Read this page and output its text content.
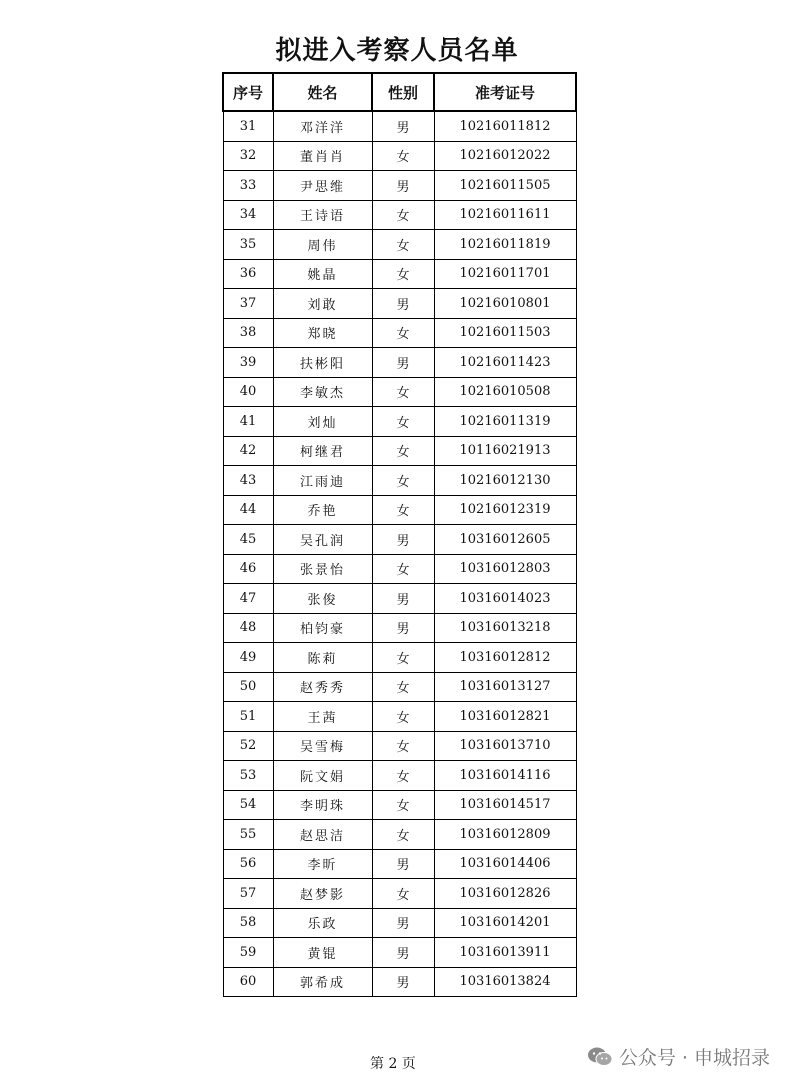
拟进入考察人员名单
序号	姓名	性别	准考证号
31	邓洋洋	男	10216011812
32	董肖肖	女	10216012022
33	尹思维	男	10216011505
34	王诗语	女	10216011611
35	周伟	女	10216011819
36	姚晶	女	10216011701
37	刘敢	男	10216010801
38	郑晓	女	10216011503
39	扶彬阳	男	10216011423
40	李敏杰	女	10216010508
41	刘灿	女	10216011319
42	柯继君	女	10116021913
43	江雨迪	女	10216012130
44	乔艳	女	10216012319
45	吴孔润	男	10316012605
46	张景怡	女	10316012803
47	张俊	男	10316014023
48	柏钧豪	男	10316013218
49	陈莉	女	10316012812
50	赵秀秀	女	10316013127
51	王茜	女	10316012821
52	吴雪梅	女	10316013710
53	阮文娟	女	10316014116
54	李明珠	女	10316014517
55	赵思洁	女	10316012809
56	李昕	男	10316014406
57	赵梦影	女	10316012826
58	乐政	男	10316014201
59	黄锟	男	10316013911
60	郭希成	男	10316013824
第 2 页	公众号 · 申城招录
